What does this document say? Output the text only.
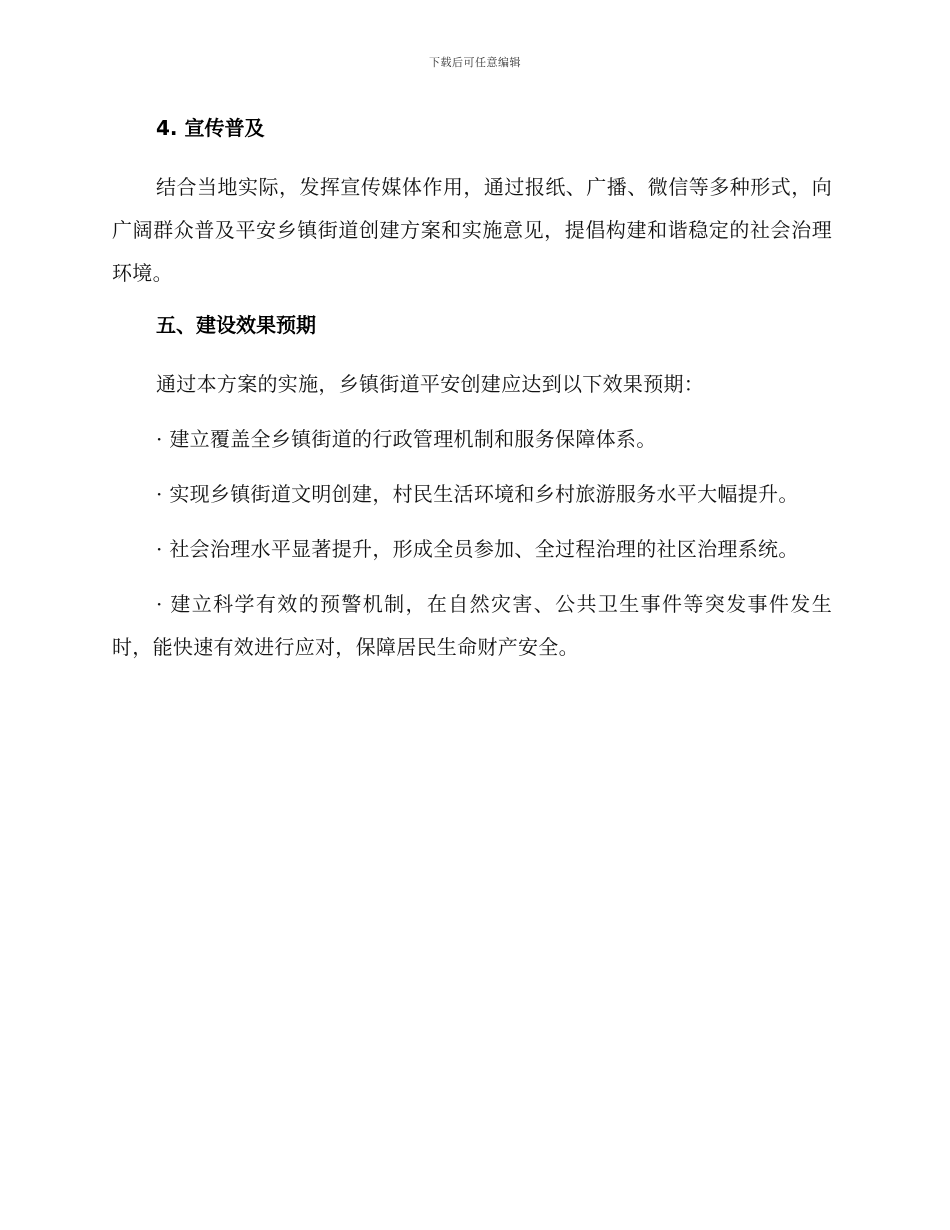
下载后可任意编辑
4. 宣传普及

结合当地实际，发挥宣传媒体作用，通过报纸、广播、微信等多种形式，向广阔群众普及平安乡镇街道创建方案和实施意见，提倡构建和谐稳定的社会治理环境。

五、建设效果预期

通过本方案的实施，乡镇街道平安创建应达到以下效果预期：

· 建立覆盖全乡镇街道的行政管理机制和服务保障体系。

· 实现乡镇街道文明创建，村民生活环境和乡村旅游服务水平大幅提升。

· 社会治理水平显著提升，形成全员参加、全过程治理的社区治理系统。

· 建立科学有效的预警机制，在自然灾害、公共卫生事件等突发事件发生时，能快速有效进行应对，保障居民生命财产安全。
